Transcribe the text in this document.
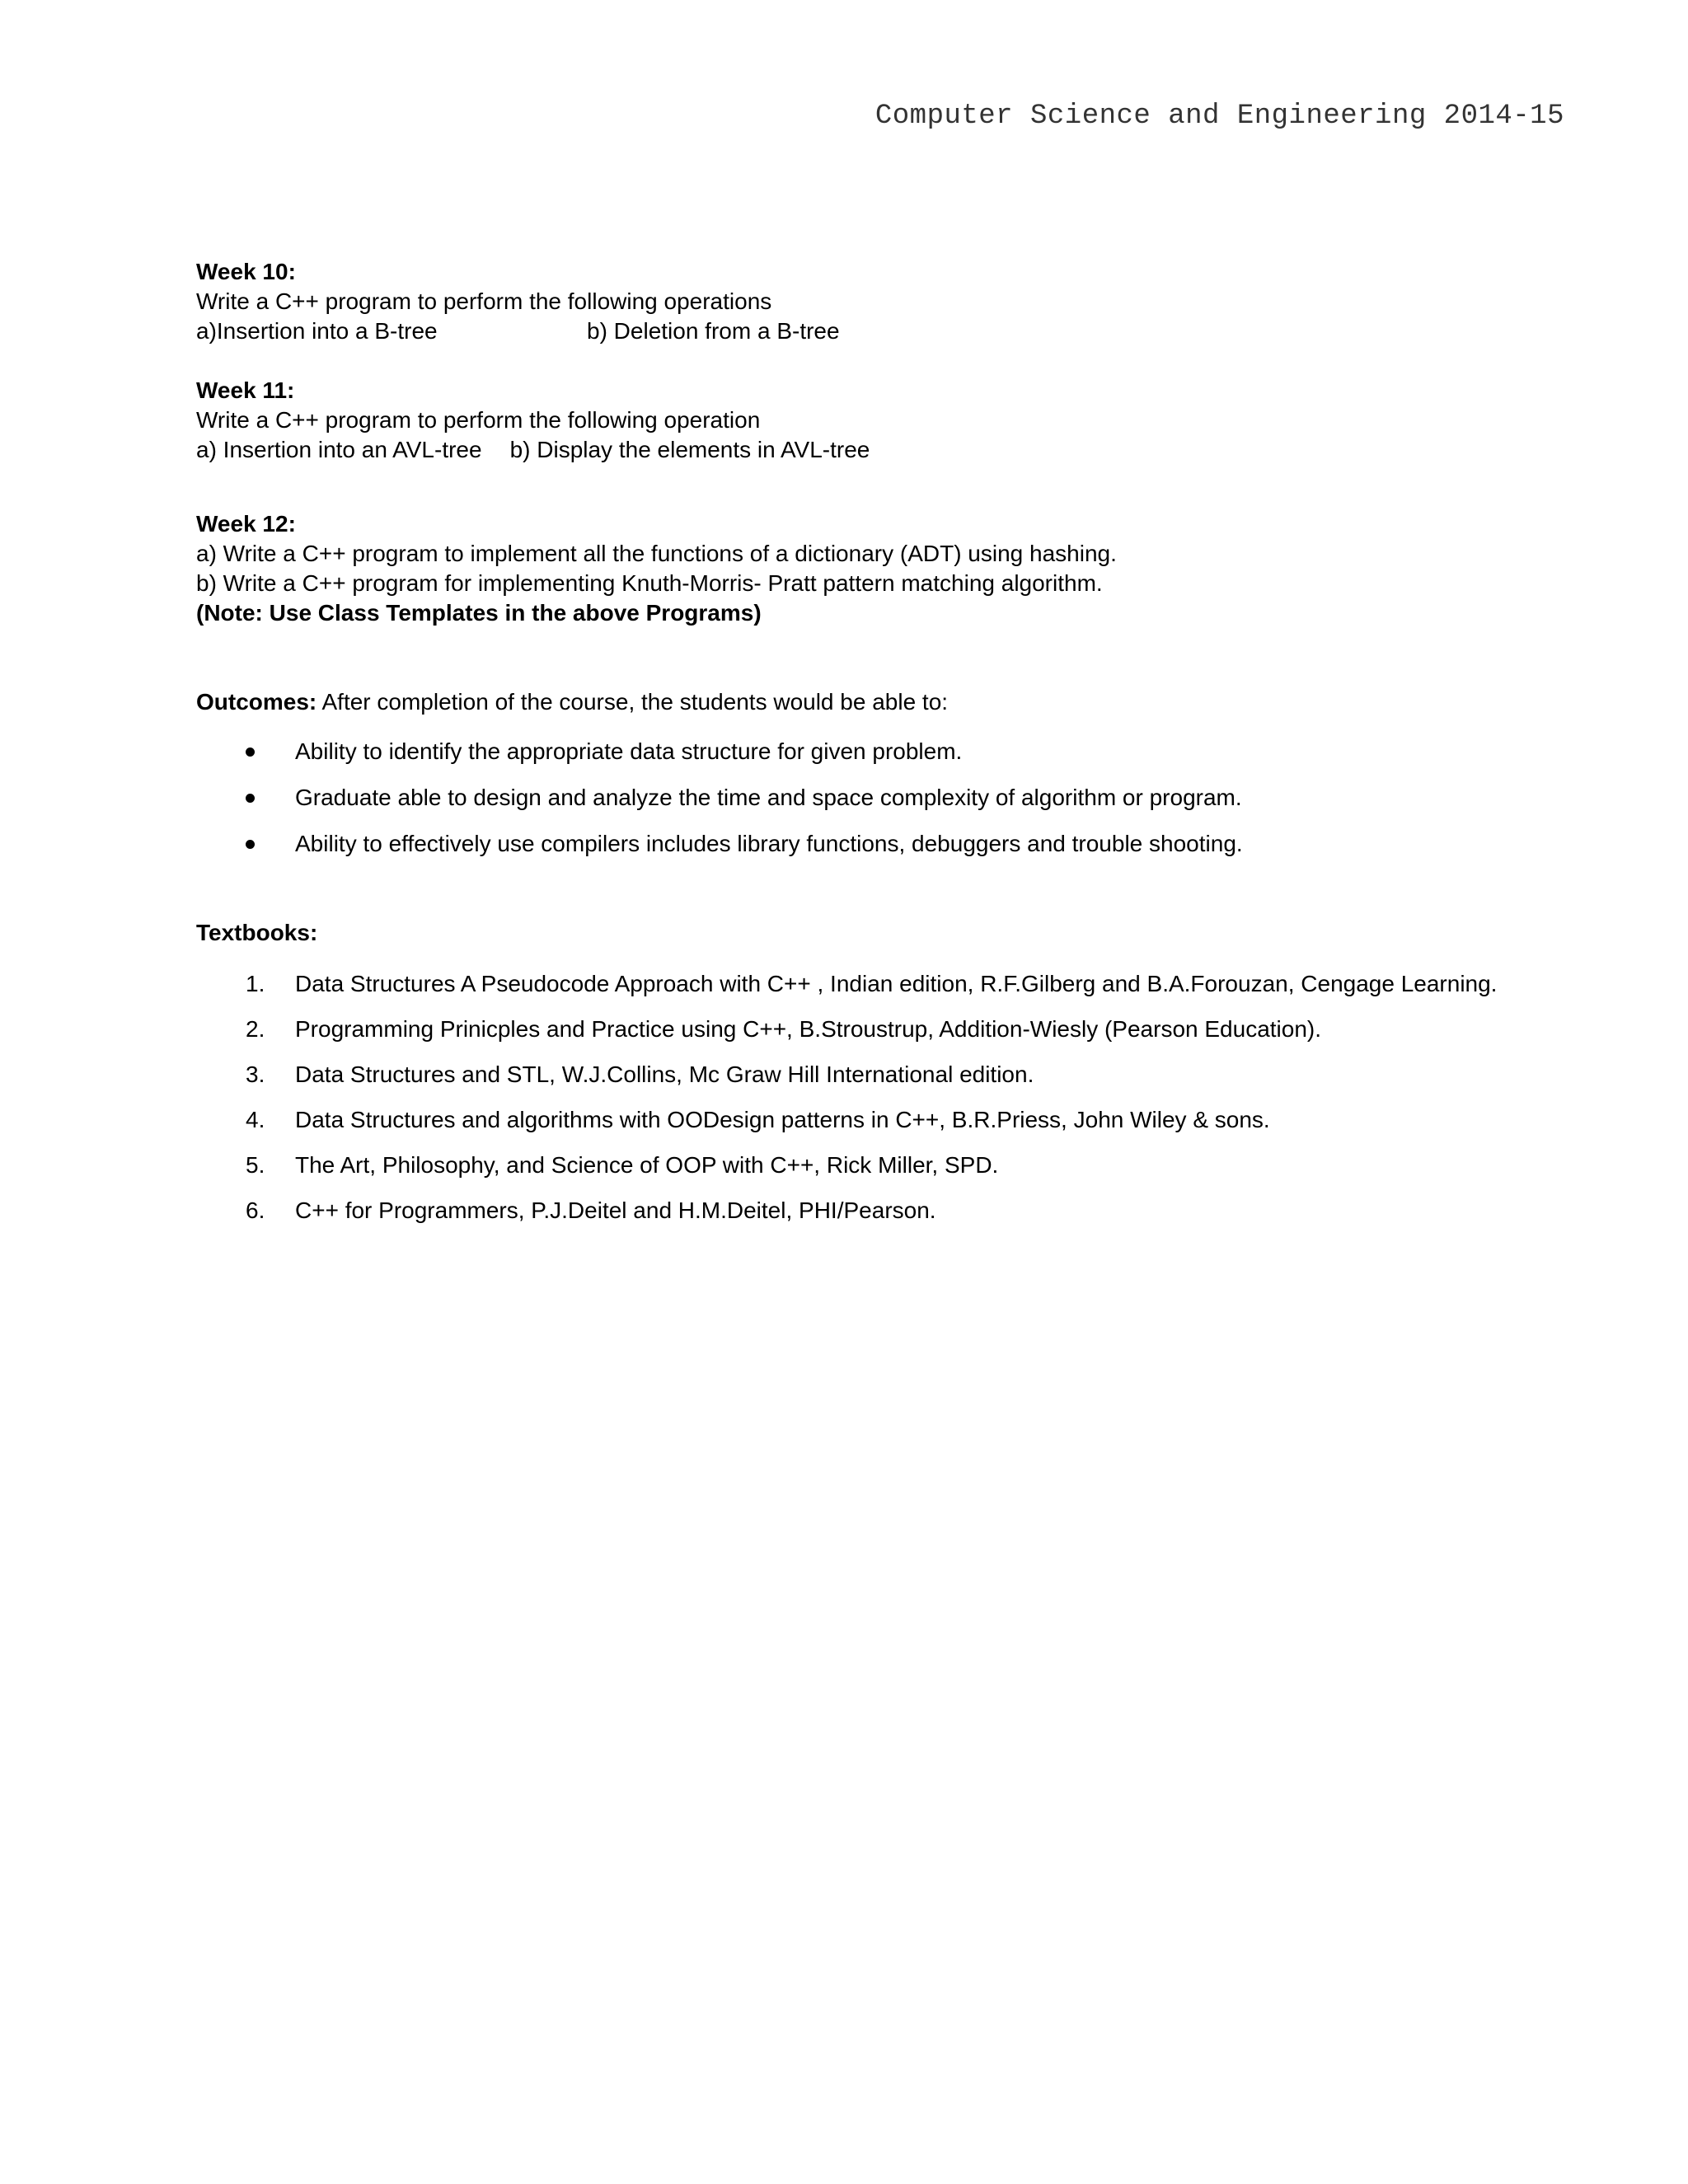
Computer Science and Engineering 2014-15
Week 10:
Write a C++ program to perform the following operations
a)Insertion into a B-tree	b) Deletion from a B-tree
Week 11:
Write a C++ program to perform the following operation
a) Insertion into an AVL-tree b) Display the elements in AVL-tree
Week 12:
a) Write a C++ program to implement all the functions of a dictionary (ADT) using hashing.
b) Write a C++ program for implementing Knuth-Morris- Pratt pattern matching algorithm.
(Note: Use Class Templates in the above Programs)
Outcomes: After completion of the course, the students would be able to:
Ability to identify the appropriate data structure for given problem.
Graduate able to design and analyze the time and space complexity of algorithm or program.
Ability to effectively use compilers includes library functions, debuggers and trouble shooting.
Textbooks:
1. Data Structures A Pseudocode Approach with C++ , Indian edition, R.F.Gilberg and B.A.Forouzan, Cengage Learning.
2. Programming Prinicples and Practice using C++, B.Stroustrup, Addition-Wiesly (Pearson Education).
3. Data Structures and STL, W.J.Collins, Mc Graw Hill International edition.
4. Data Structures and algorithms with OODesign patterns in C++, B.R.Priess, John Wiley & sons.
5. The Art, Philosophy, and Science of OOP with C++, Rick Miller, SPD.
6. C++ for Programmers, P.J.Deitel and H.M.Deitel, PHI/Pearson.
